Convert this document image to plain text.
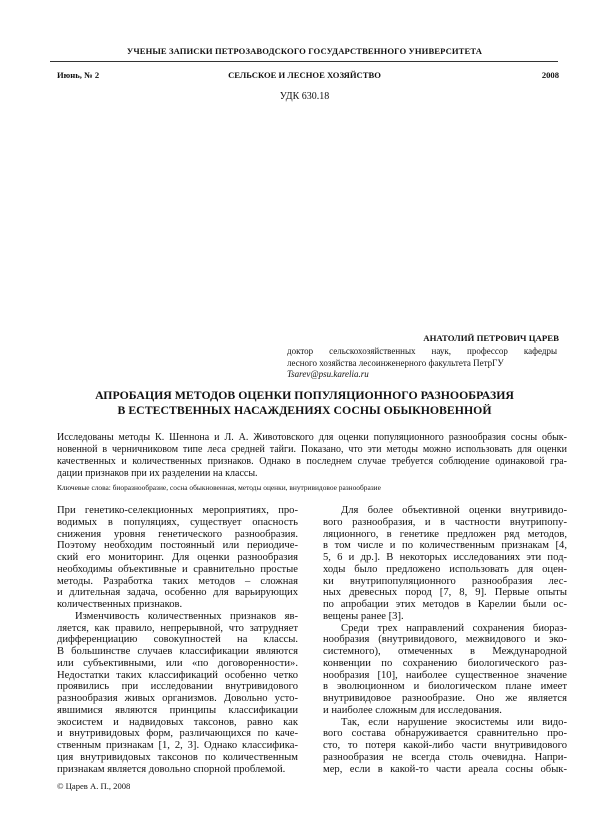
УЧЕНЫЕ ЗАПИСКИ ПЕТРОЗАВОДСКОГО ГОСУДАРСТВЕННОГО УНИВЕРСИТЕТА
Июнь, № 2	СЕЛЬСКОЕ И ЛЕСНОЕ ХОЗЯЙСТВО	2008
УДК 630.18
АНАТОЛИЙ ПЕТРОВИЧ ЦАРЕВ
доктор сельскохозяйственных наук, профессор кафедры
лесного хозяйства лесоинженерного факультета ПетрГУ
Tsarev@psu.karelia.ru
АПРОБАЦИЯ МЕТОДОВ ОЦЕНКИ ПОПУЛЯЦИОННОГО РАЗНООБРАЗИЯ
В ЕСТЕСТВЕННЫХ НАСАЖДЕНИЯХ СОСНЫ ОБЫКНОВЕННОЙ
Исследованы методы К. Шеннона и Л. А. Животовского для оценки популяционного разнообразия сосны обык-
новенной в черничниковом типе леса средней тайги. Показано, что эти методы можно использовать для оценки
качественных и количественных признаков. Однако в последнем случае требуется соблюдение одинаковой гра-
дации признаков при их разделении на классы.
Ключевые слова: биоразнообразие, сосна обыкновенная, методы оценки, внутривидовое разнообразие
При генетико-селекционных мероприятиях, про-
водимых в популяциях, существует опасность
снижения уровня генетического разнообразия.
Поэтому необходим постоянный или периодиче-
ский его мониторинг. Для оценки разнообразия
необходимы объективные и сравнительно простые
методы. Разработка таких методов – сложная
и длительная задача, особенно для варьирующих
количественных признаков.
Изменчивость количественных признаков яв-
ляется, как правило, непрерывной, что затрудняет
дифференциацию совокупностей на классы.
В большинстве случаев классификации являются
или субъективными, или «по договоренности».
Недостатки таких классификаций особенно четко
проявились при исследовании внутривидового
разнообразия живых организмов. Довольно усто-
явшимися являются принципы классификации
экосистем и надвидовых таксонов, равно как
и внутривидовых форм, различающихся по каче-
ственным признакам [1, 2, 3]. Однако классифика-
ция внутривидовых таксонов по количественным
признакам является довольно спорной проблемой.
Для более объективной оценки внутривидо-
вого разнообразия, и в частности внутрипопу-
ляционного, в генетике предложен ряд методов,
в том числе и по количественным признакам [4,
5, 6 и др.]. В некоторых исследованиях эти под-
ходы было предложено использовать для оцен-
ки внутрипопуляционного разнообразия лес-
ных древесных пород [7, 8, 9]. Первые опыты
по апробации этих методов в Карелии были ос-
вещены ранее [3].
Среди трех направлений сохранения биораз-
нообразия (внутривидового, межвидового и эко-
системного), отмеченных в Международной
конвенции по сохранению биологического раз-
нообразия [10], наиболее существенное значение
в эволюционном и биологическом плане имеет
внутривидовое разнообразие. Оно же является
и наиболее сложным для исследования.
Так, если нарушение экосистемы или видо-
вого состава обнаруживается сравнительно про-
сто, то потеря какой-либо части внутривидового
разнообразия не всегда столь очевидна. Напри-
мер, если в какой-то части ареала сосны обык-
© Царев А. П., 2008
